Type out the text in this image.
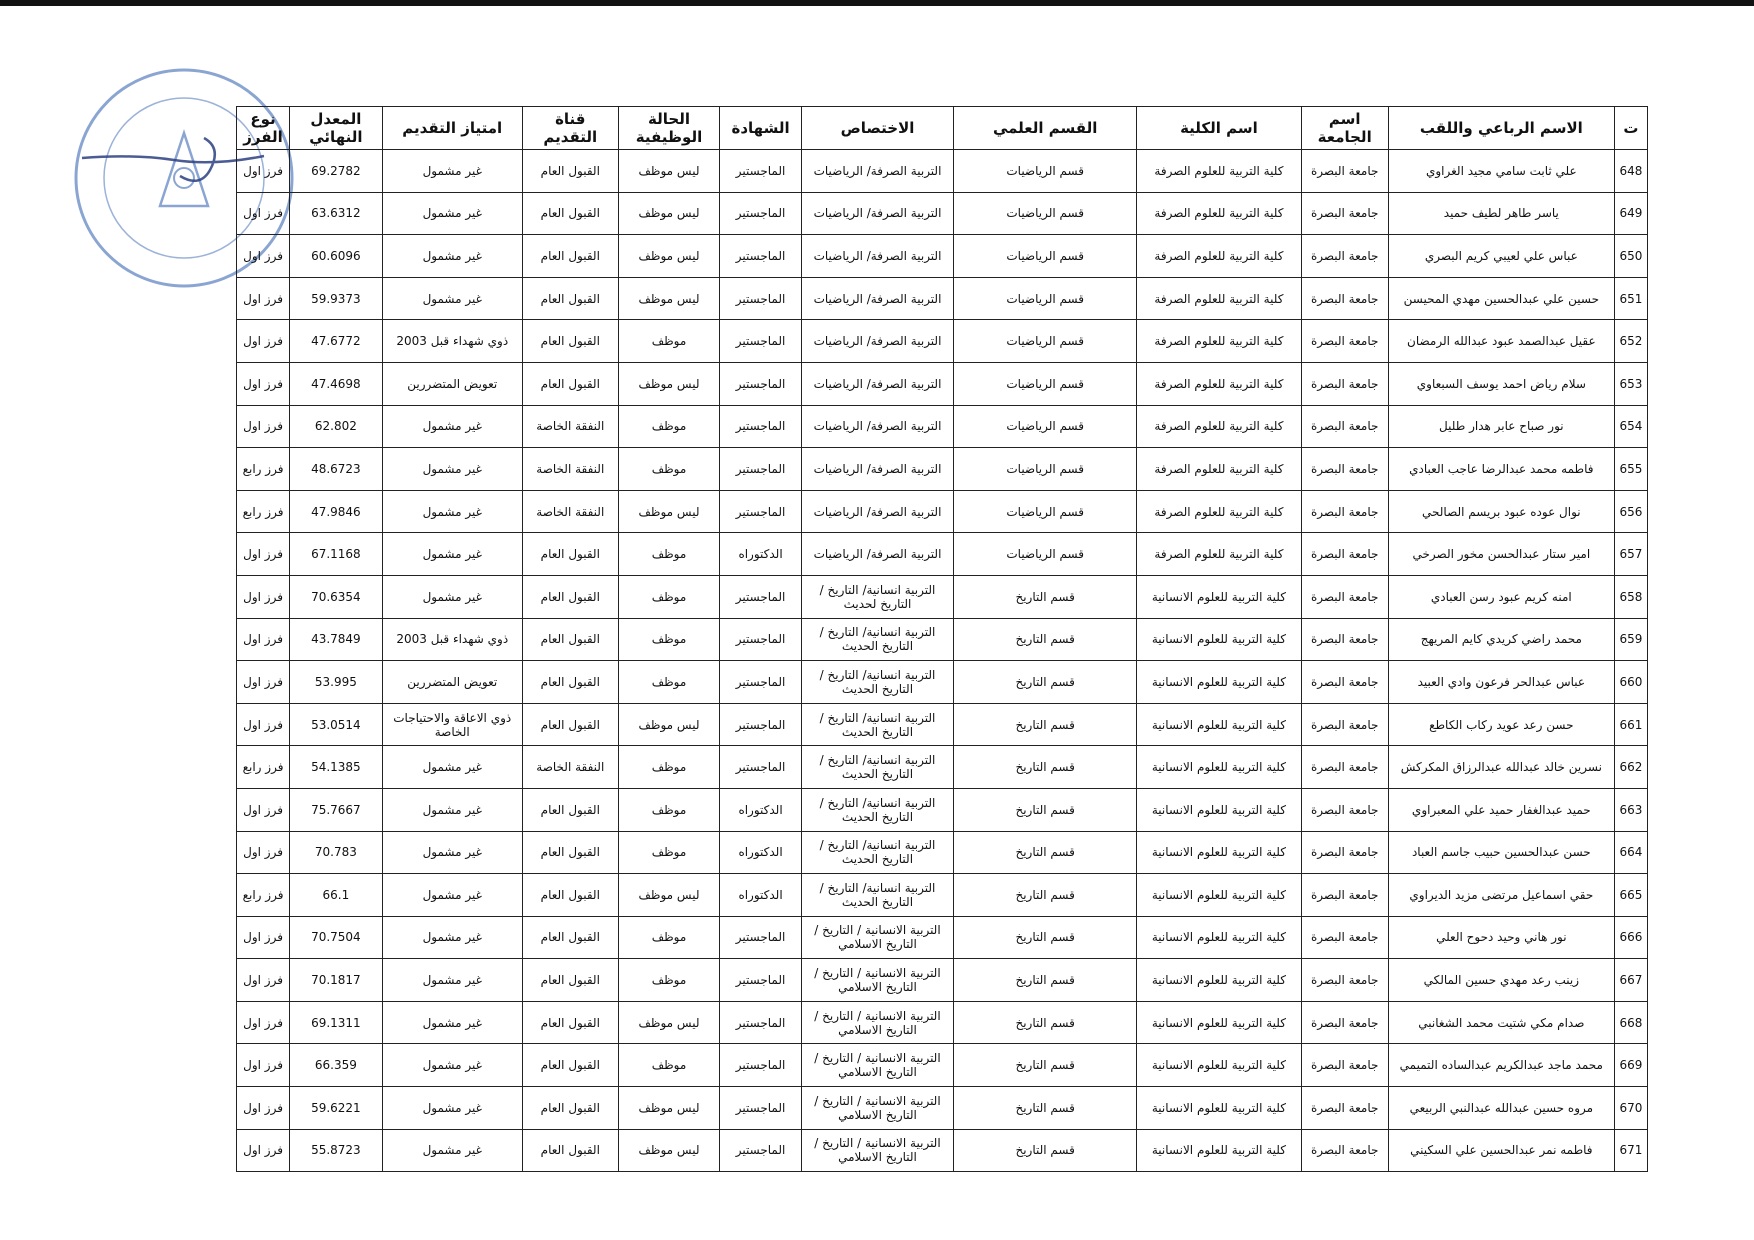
ت	الاسم الرباعي واللقب	اسم الجامعة	اسم الكلية	القسم العلمي	الاختصاص	الشهادة	الحالة الوظيفية	قناة التقديم	امتياز التقديم	المعدل النهائي	نوع الفرز
648	علي ثابت سامي مجيد الغراوي	جامعة البصرة	كلية التربية للعلوم الصرفة	قسم الرياضيات	التربية الصرفة/ الرياضيات	الماجستير	ليس موظف	القبول العام	غير مشمول	69.2782	فرز اول
649	ياسر طاهر لطيف حميد	جامعة البصرة	كلية التربية للعلوم الصرفة	قسم الرياضيات	التربية الصرفة/ الرياضيات	الماجستير	ليس موظف	القبول العام	غير مشمول	63.6312	فرز اول
650	عباس علي لعيبي كريم البصري	جامعة البصرة	كلية التربية للعلوم الصرفة	قسم الرياضيات	التربية الصرفة/ الرياضيات	الماجستير	ليس موظف	القبول العام	غير مشمول	60.6096	فرز اول
651	حسين علي عبدالحسين مهدي المحيسن	جامعة البصرة	كلية التربية للعلوم الصرفة	قسم الرياضيات	التربية الصرفة/ الرياضيات	الماجستير	ليس موظف	القبول العام	غير مشمول	59.9373	فرز اول
652	عقيل عبدالصمد عبود عبدالله الرمضان	جامعة البصرة	كلية التربية للعلوم الصرفة	قسم الرياضيات	التربية الصرفة/ الرياضيات	الماجستير	موظف	القبول العام	ذوي شهداء قبل 2003	47.6772	فرز اول
653	سلام رياض احمد يوسف السبعاوي	جامعة البصرة	كلية التربية للعلوم الصرفة	قسم الرياضيات	التربية الصرفة/ الرياضيات	الماجستير	ليس موظف	القبول العام	تعويض المتضررين	47.4698	فرز اول
654	نور صباح عابر هدار طليل	جامعة البصرة	كلية التربية للعلوم الصرفة	قسم الرياضيات	التربية الصرفة/ الرياضيات	الماجستير	موظف	النفقة الخاصة	غير مشمول	62.802	فرز اول
655	فاطمه محمد عبدالرضا عاجب العبادي	جامعة البصرة	كلية التربية للعلوم الصرفة	قسم الرياضيات	التربية الصرفة/ الرياضيات	الماجستير	موظف	النفقة الخاصة	غير مشمول	48.6723	فرز رابع
656	نوال عوده عبود بريسم الصالحي	جامعة البصرة	كلية التربية للعلوم الصرفة	قسم الرياضيات	التربية الصرفة/ الرياضيات	الماجستير	ليس موظف	النفقة الخاصة	غير مشمول	47.9846	فرز رابع
657	امير ستار عبدالحسن مخور الصرخي	جامعة البصرة	كلية التربية للعلوم الصرفة	قسم الرياضيات	التربية الصرفة/ الرياضيات	الدكتوراه	موظف	القبول العام	غير مشمول	67.1168	فرز اول
658	امنه كريم عبود رسن العبادي	جامعة البصرة	كلية التربية للعلوم الانسانية	قسم التاريخ	التربية انسانية/ التاريخ / التاريخ لحديث	الماجستير	موظف	القبول العام	غير مشمول	70.6354	فرز اول
659	محمد راضي كريدي كايم المريهج	جامعة البصرة	كلية التربية للعلوم الانسانية	قسم التاريخ	التربية انسانية/ التاريخ / التاريخ الحديث	الماجستير	موظف	القبول العام	ذوي شهداء قبل 2003	43.7849	فرز اول
660	عباس عبدالحر فرعون وادي العبيد	جامعة البصرة	كلية التربية للعلوم الانسانية	قسم التاريخ	التربية انسانية/ التاريخ / التاريخ الحديث	الماجستير	موظف	القبول العام	تعويض المتضررين	53.995	فرز اول
661	حسن رعد عويد ركاب الكاطع	جامعة البصرة	كلية التربية للعلوم الانسانية	قسم التاريخ	التربية انسانية/ التاريخ / التاريخ الحديث	الماجستير	ليس موظف	القبول العام	ذوي الاعاقة والاحتياجات الخاصة	53.0514	فرز اول
662	نسرين خالد عبدالله عبدالرزاق المكركش	جامعة البصرة	كلية التربية للعلوم الانسانية	قسم التاريخ	التربية انسانية/ التاريخ / التاريخ الحديث	الماجستير	موظف	النفقة الخاصة	غير مشمول	54.1385	فرز رابع
663	حميد عبدالغفار حميد علي المعبراوي	جامعة البصرة	كلية التربية للعلوم الانسانية	قسم التاريخ	التربية انسانية/ التاريخ / التاريخ الحديث	الدكتوراه	موظف	القبول العام	غير مشمول	75.7667	فرز اول
664	حسن عبدالحسين حبيب جاسم العباد	جامعة البصرة	كلية التربية للعلوم الانسانية	قسم التاريخ	التربية انسانية/ التاريخ / التاريخ الحديث	الدكتوراه	موظف	القبول العام	غير مشمول	70.783	فرز اول
665	حقي اسماعيل مرتضى مزيد الديراوي	جامعة البصرة	كلية التربية للعلوم الانسانية	قسم التاريخ	التربية انسانية/ التاريخ / التاريخ الحديث	الدكتوراه	ليس موظف	القبول العام	غير مشمول	66.1	فرز رابع
666	نور هاني وحيد دحوح العلي	جامعة البصرة	كلية التربية للعلوم الانسانية	قسم التاريخ	التربية الانسانية / التاريخ / التاريخ الاسلامي	الماجستير	موظف	القبول العام	غير مشمول	70.7504	فرز اول
667	زينب رعد مهدي حسين المالكي	جامعة البصرة	كلية التربية للعلوم الانسانية	قسم التاريخ	التربية الانسانية / التاريخ / التاريخ الاسلامي	الماجستير	موظف	القبول العام	غير مشمول	70.1817	فرز اول
668	صدام مكي شتيت محمد الشغانبي	جامعة البصرة	كلية التربية للعلوم الانسانية	قسم التاريخ	التربية الانسانية / التاريخ / التاريخ الاسلامي	الماجستير	ليس موظف	القبول العام	غير مشمول	69.1311	فرز اول
669	محمد ماجد عبدالكريم عبدالساده التميمي	جامعة البصرة	كلية التربية للعلوم الانسانية	قسم التاريخ	التربية الانسانية / التاريخ / التاريخ الاسلامي	الماجستير	موظف	القبول العام	غير مشمول	66.359	فرز اول
670	مروه حسين عبدالله عبدالنبي الربيعي	جامعة البصرة	كلية التربية للعلوم الانسانية	قسم التاريخ	التربية الانسانية / التاريخ / التاريخ الاسلامي	الماجستير	ليس موظف	القبول العام	غير مشمول	59.6221	فرز اول
671	فاطمه نمر عبدالحسين علي السكيني	جامعة البصرة	كلية التربية للعلوم الانسانية	قسم التاريخ	التربية الانسانية / التاريخ / التاريخ الاسلامي	الماجستير	ليس موظف	القبول العام	غير مشمول	55.8723	فرز اول
